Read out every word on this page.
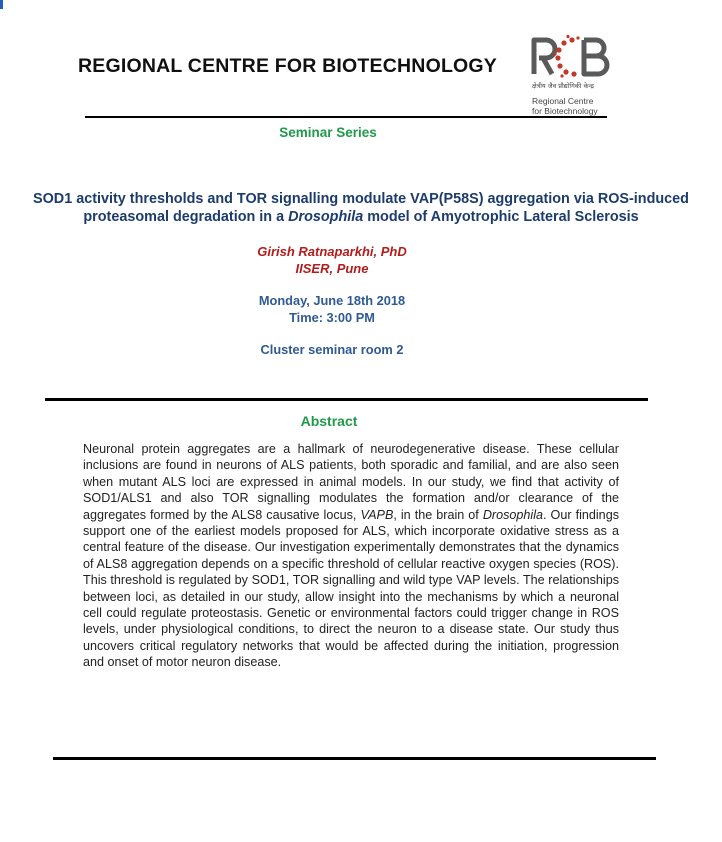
REGIONAL CENTRE FOR BIOTECHNOLOGY
क्षेत्रीय जैव प्रौद्योगिकी केन्द्र
Regional Centre
for Biotechnology
Seminar Series
SOD1 activity thresholds and TOR signalling modulate VAP(P58S) aggregation via ROS-induced proteasomal degradation in a Drosophila model of Amyotrophic Lateral Sclerosis
Girish Ratnaparkhi, PhD
IISER, Pune
Monday, June 18th 2018
Time: 3:00 PM
Cluster seminar room 2
Abstract
Neuronal protein aggregates are a hallmark of neurodegenerative disease. These cellular inclusions are found in neurons of ALS patients, both sporadic and familial, and are also seen when mutant ALS loci are expressed in animal models. In our study, we find that activity of SOD1/ALS1 and also TOR signalling modulates the formation and/or clearance of the aggregates formed by the ALS8 causative locus, VAPB, in the brain of Drosophila. Our findings support one of the earliest models proposed for ALS, which incorporate oxidative stress as a central feature of the disease. Our investigation experimentally demonstrates that the dynamics of ALS8 aggregation depends on a specific threshold of cellular reactive oxygen species (ROS). This threshold is regulated by SOD1, TOR signalling and wild type VAP levels. The relationships between loci, as detailed in our study, allow insight into the mechanisms by which a neuronal cell could regulate proteostasis. Genetic or environmental factors could trigger change in ROS levels, under physiological conditions, to direct the neuron to a disease state. Our study thus uncovers critical regulatory networks that would be affected during the initiation, progression and onset of motor neuron disease.
